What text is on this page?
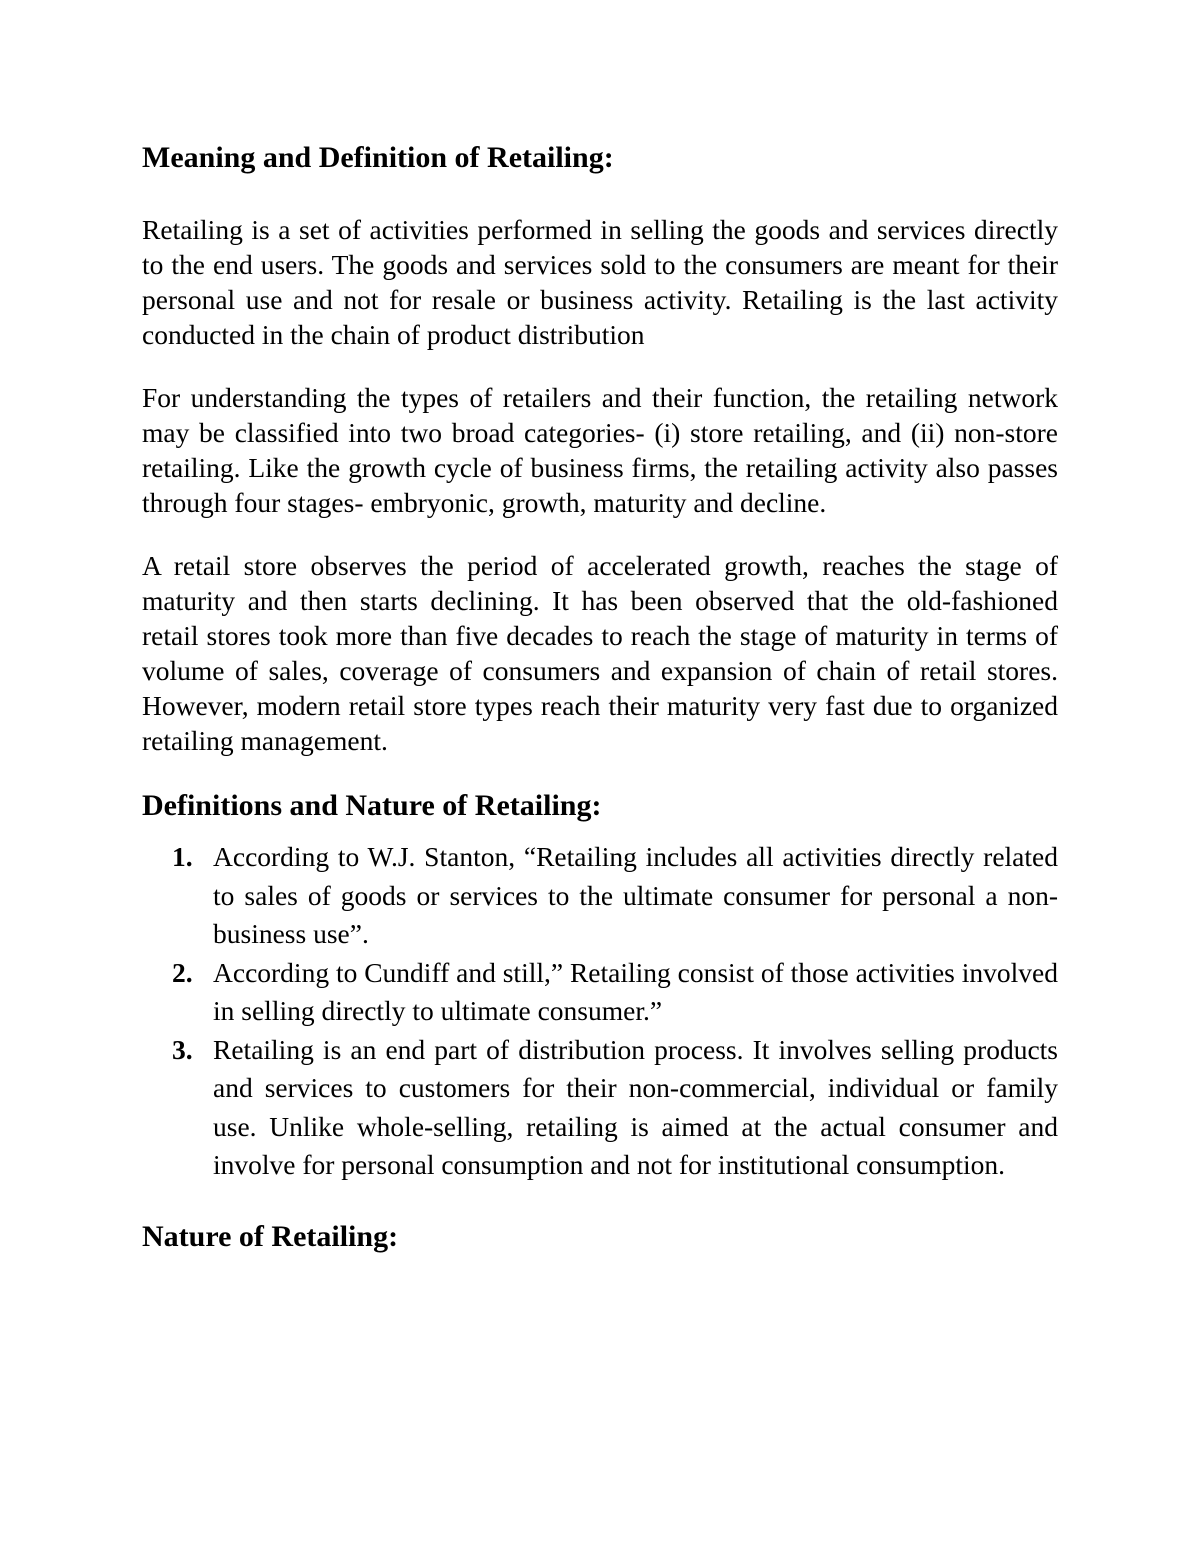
Meaning and Definition of Retailing:

Retailing is a set of activities performed in selling the goods and services directly to the end users. The goods and services sold to the consumers are meant for their personal use and not for resale or business activity. Retailing is the last activity conducted in the chain of product distribution

For understanding the types of retailers and their function, the retailing network may be classified into two broad categories- (i) store retailing, and (ii) non-store retailing. Like the growth cycle of business firms, the retailing activity also passes through four stages- embryonic, growth, maturity and decline.

A retail store observes the period of accelerated growth, reaches the stage of maturity and then starts declining. It has been observed that the old-fashioned retail stores took more than five decades to reach the stage of maturity in terms of volume of sales, coverage of consumers and expansion of chain of retail stores. However, modern retail store types reach their maturity very fast due to organized retailing management.

Definitions and Nature of Retailing:
1. According to W.J. Stanton, “Retailing includes all activities directly related to sales of goods or services to the ultimate consumer for personal a non-business use”.
2. According to Cundiff and still,” Retailing consist of those activities involved in selling directly to ultimate consumer.”
3. Retailing is an end part of distribution process. It involves selling products and services to customers for their non-commercial, individual or family use. Unlike whole-selling, retailing is aimed at the actual consumer and involve for personal consumption and not for institutional consumption.
Nature of Retailing:
